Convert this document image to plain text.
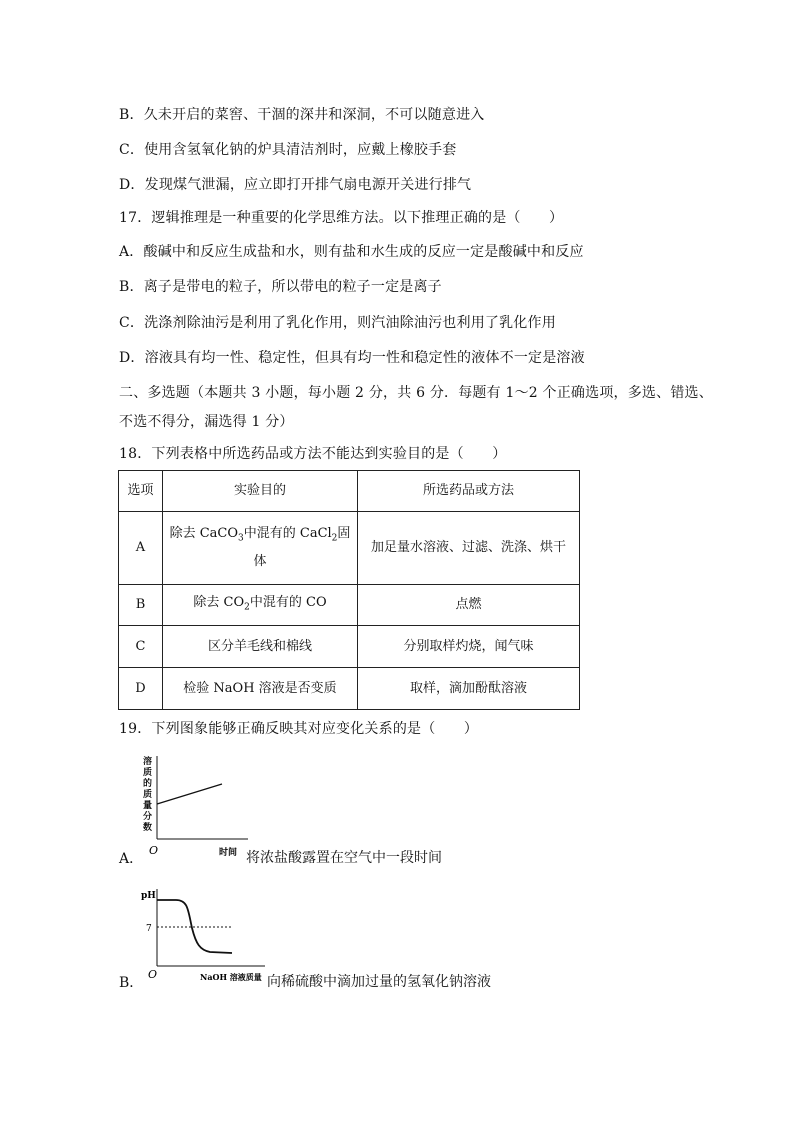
B．久未开启的菜窖、干涸的深井和深洞，不可以随意进入
C．使用含氢氧化钠的炉具清洁剂时，应戴上橡胶手套
D．发现煤气泄漏，应立即打开排气扇电源开关进行排气
17．逻辑推理是一种重要的化学思维方法。以下推理正确的是（　　）
A．酸碱中和反应生成盐和水，则有盐和水生成的反应一定是酸碱中和反应
B．离子是带电的粒子，所以带电的粒子一定是离子
C．洗涤剂除油污是利用了乳化作用，则汽油除油污也利用了乳化作用
D．溶液具有均一性、稳定性，但具有均一性和稳定性的液体不一定是溶液
二、多选题（本题共 3 小题，每小题 2 分，共 6 分．每题有 1～2 个正确选项，多选、错选、
不选不得分，漏选得 1 分）
18．下列表格中所选药品或方法不能达到实验目的是（　　）
选项	实验目的	所选药品或方法
A	除去 CaCO$_3$中混有的 CaCl$_2$固体	加足量水溶液、过滤、洗涤、烘干
B	除去 $CO_2$中混有的 CO	点燃
C	区分羊毛线和棉线	分别取样灼烧，闻气味
D	检验 NaOH 溶液是否变质	取样，滴加酚酞溶液
19．下列图象能够正确反映其对应变化关系的是（　　）
溶
质
的
质
量
分
数
O	时间
A．	将浓盐酸露置在空气中一段时间
pH
7
O	NaOH 溶液质量
B．	向稀硫酸中滴加过量的氢氧化钠溶液
